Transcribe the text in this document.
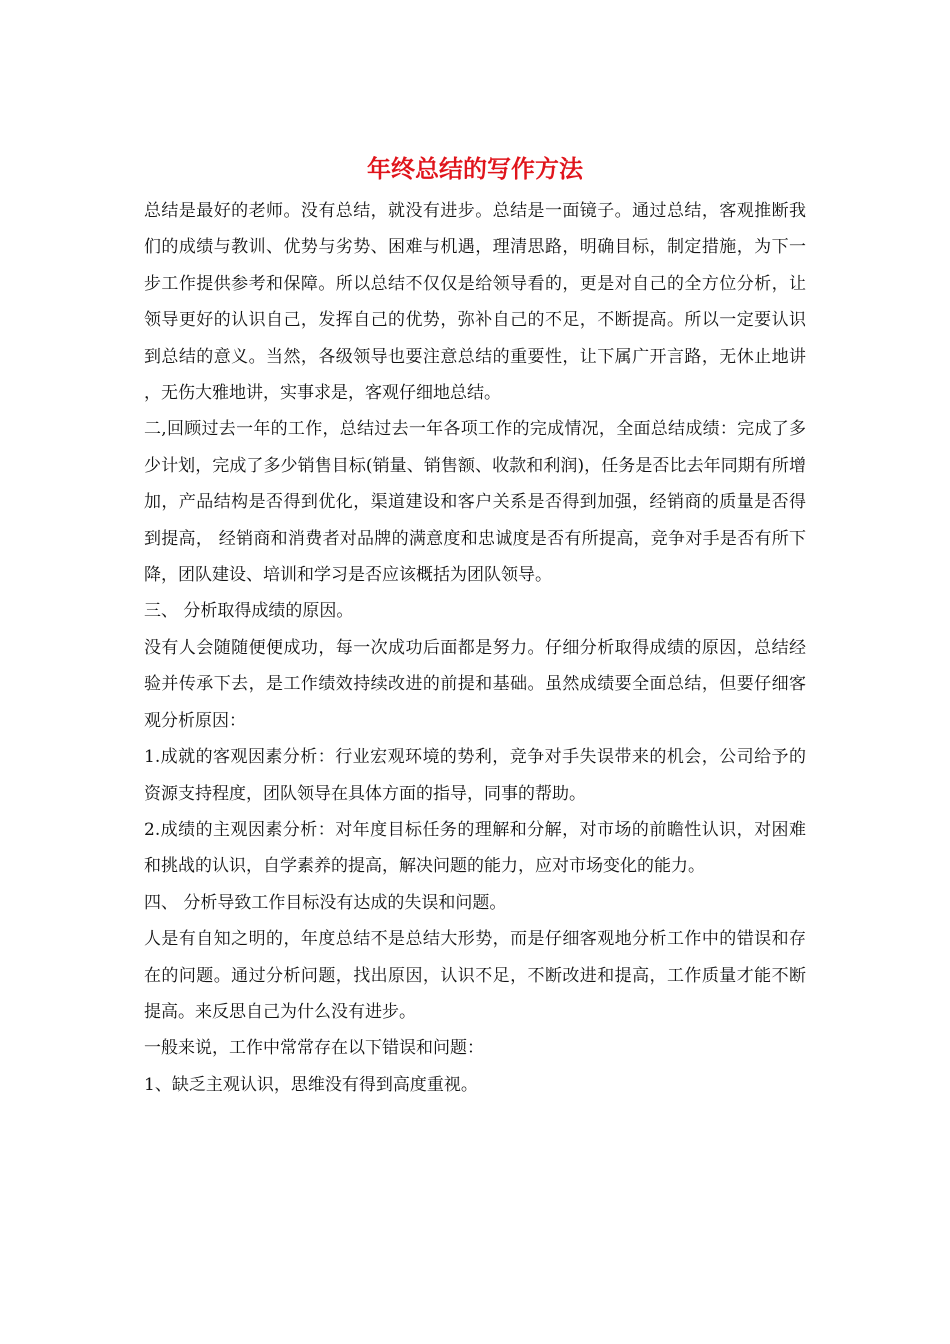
年终总结的写作方法

总结是最好的老师。没有总结，就没有进步。总结是一面镜子。通过总结，客观推断我们的成绩与教训、优势与劣势、困难与机遇，理清思路，明确目标，制定措施，为下一步工作提供参考和保障。所以总结不仅仅是给领导看的，更是对自己的全方位分析，让领导更好的认识自己，发挥自己的优势，弥补自己的不足，不断提高。所以一定要认识到总结的意义。当然，各级领导也要注意总结的重要性，让下属广开言路，无休止地讲，无伤大雅地讲，实事求是，客观仔细地总结。

二,回顾过去一年的工作，总结过去一年各项工作的完成情况，全面总结成绩：完成了多少计划，完成了多少销售目标(销量、销售额、收款和利润)，任务是否比去年同期有所增加，产品结构是否得到优化，渠道建设和客户关系是否得到加强，经销商的质量是否得到提高， 经销商和消费者对品牌的满意度和忠诚度是否有所提高，竞争对手是否有所下降，团队建设、培训和学习是否应该概括为团队领导。

三、 分析取得成绩的原因。

没有人会随随便便成功，每一次成功后面都是努力。仔细分析取得成绩的原因，总结经验并传承下去，是工作绩效持续改进的前提和基础。虽然成绩要全面总结，但要仔细客观分析原因：

1.成就的客观因素分析：行业宏观环境的势利，竞争对手失误带来的机会，公司给予的资源支持程度，团队领导在具体方面的指导，同事的帮助。

2.成绩的主观因素分析：对年度目标任务的理解和分解，对市场的前瞻性认识，对困难和挑战的认识，自学素养的提高，解决问题的能力，应对市场变化的能力。

四、 分析导致工作目标没有达成的失误和问题。

人是有自知之明的，年度总结不是总结大形势，而是仔细客观地分析工作中的错误和存在的问题。通过分析问题，找出原因，认识不足，不断改进和提高，工作质量才能不断提高。来反思自己为什么没有进步。

一般来说，工作中常常存在以下错误和问题：

1、缺乏主观认识，思维没有得到高度重视。
